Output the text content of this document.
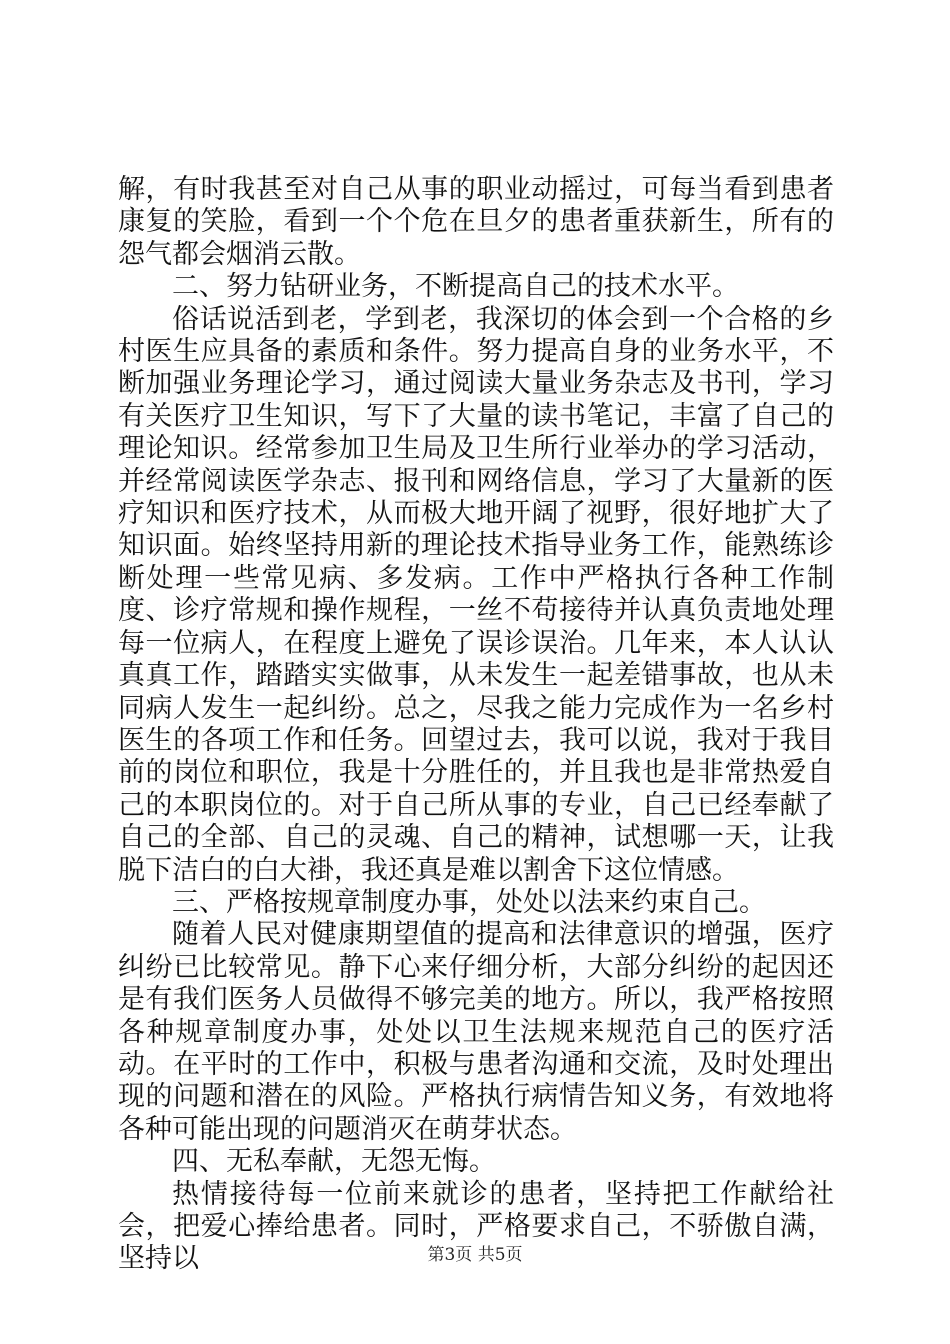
解，有时我甚至对自己从事的职业动摇过，可每当看到患者康复的笑脸，看到一个个危在旦夕的患者重获新生，所有的怨气都会烟消云散。

二、努力钻研业务，不断提高自己的技术水平。

俗话说活到老，学到老，我深切的体会到一个合格的乡村医生应具备的素质和条件。努力提高自身的业务水平，不断加强业务理论学习，通过阅读大量业务杂志及书刊，学习有关医疗卫生知识，写下了大量的读书笔记，丰富了自己的理论知识。经常参加卫生局及卫生所行业举办的学习活动，并经常阅读医学杂志、报刊和网络信息，学习了大量新的医疗知识和医疗技术，从而极大地开阔了视野，很好地扩大了知识面。始终坚持用新的理论技术指导业务工作，能熟练诊断处理一些常见病、多发病。工作中严格执行各种工作制度、诊疗常规和操作规程，一丝不苟接待并认真负责地处理每一位病人，在程度上避免了误诊误治。几年来，本人认认真真工作，踏踏实实做事，从未发生一起差错事故，也从未同病人发生一起纠纷。总之，尽我之能力完成作为一名乡村医生的各项工作和任务。回望过去，我可以说，我对于我目前的岗位和职位，我是十分胜任的，并且我也是非常热爱自己的本职岗位的。对于自己所从事的专业，自己已经奉献了自己的全部、自己的灵魂、自己的精神，试想哪一天，让我脱下洁白的白大褂，我还真是难以割舍下这位情感。

三、严格按规章制度办事，处处以法来约束自己。

随着人民对健康期望值的提高和法律意识的增强，医疗纠纷已比较常见。静下心来仔细分析，大部分纠纷的起因还是有我们医务人员做得不够完美的地方。所以，我严格按照各种规章制度办事，处处以卫生法规来规范自己的医疗活动。在平时的工作中，积极与患者沟通和交流，及时处理出现的问题和潜在的风险。严格执行病情告知义务，有效地将各种可能出现的问题消灭在萌芽状态。

四、无私奉献，无怨无悔。

热情接待每一位前来就诊的患者，坚持把工作献给社会，把爱心捧给患者。同时，严格要求自己，不骄傲自满，坚持以	第3页 共5页
